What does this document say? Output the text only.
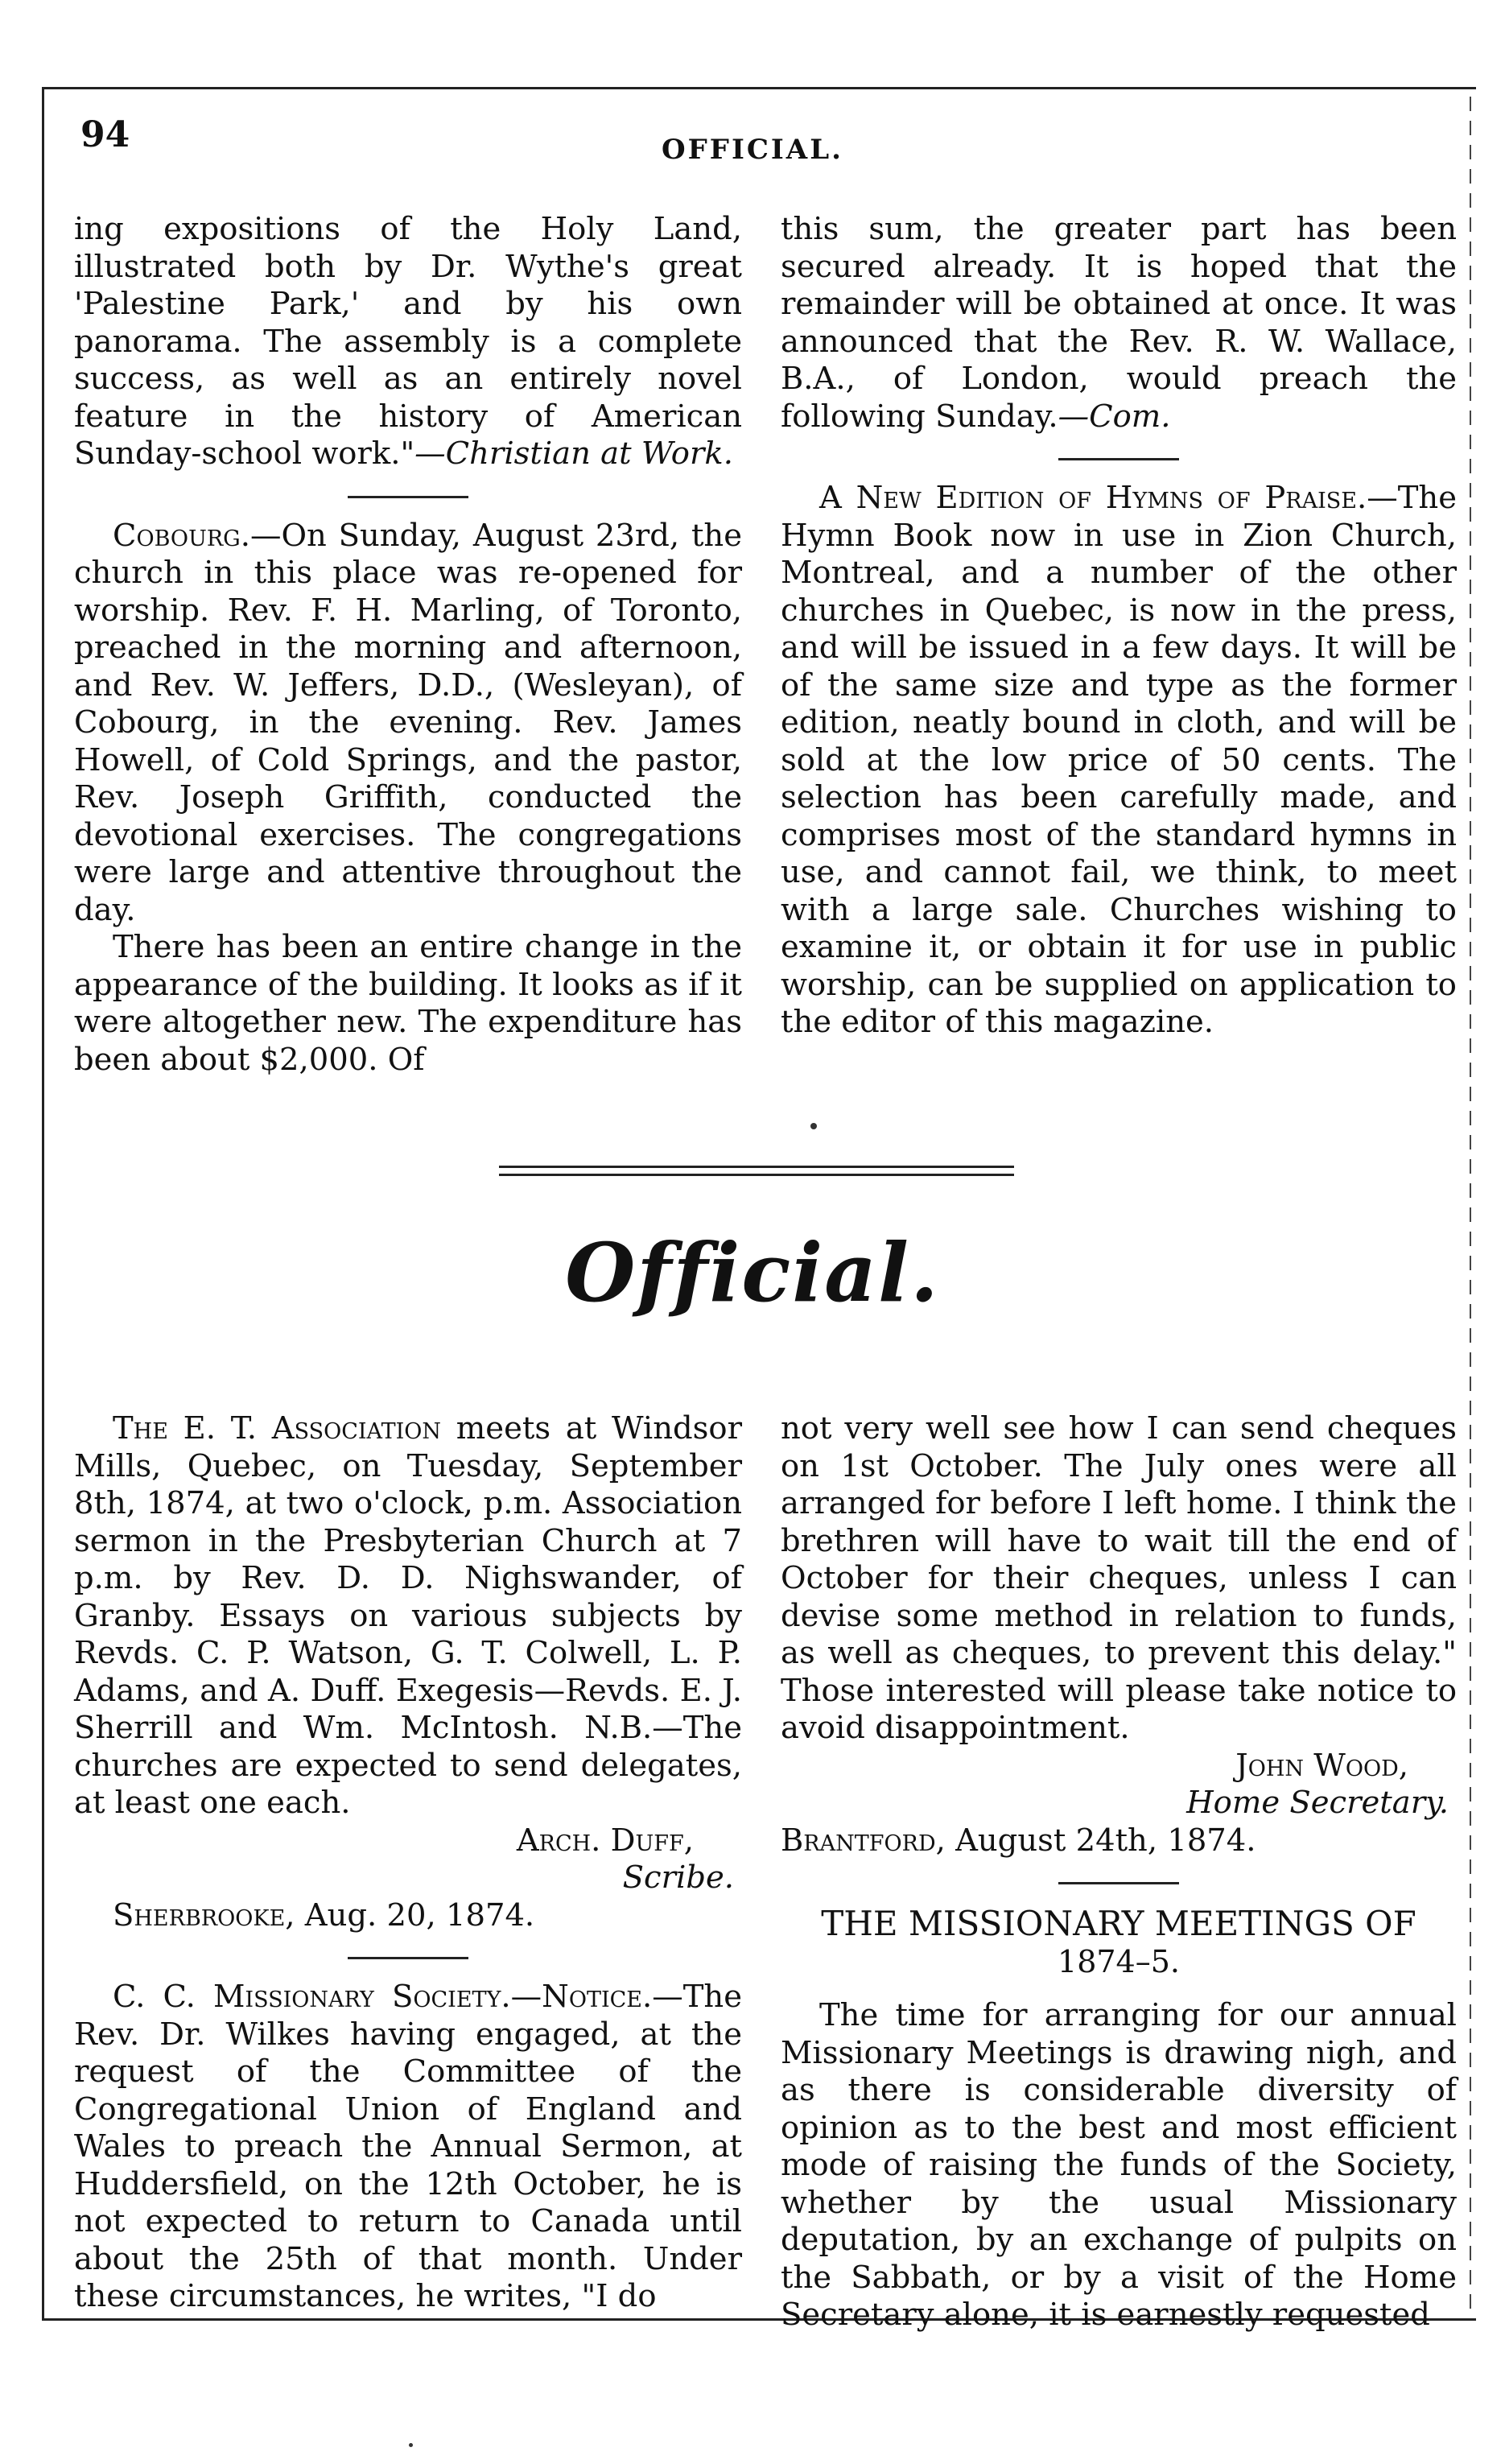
94	OFFICIAL.

ing expositions of the Holy Land, illustrated both by Dr. Wythe's great 'Palestine Park,' and by his own panorama. The assembly is a complete success, as well as an entirely novel feature in the history of American Sunday-school work."—Christian at Work.

Cobourg.—On Sunday, August 23rd, the church in this place was re-opened for worship. Rev. F. H. Marling, of Toronto, preached in the morning and afternoon, and Rev. W. Jeffers, D.D., (Wesleyan), of Cobourg, in the evening. Rev. James Howell, of Cold Springs, and the pastor, Rev. Joseph Griffith, conducted the devotional exercises. The congregations were large and attentive throughout the day.

There has been an entire change in the appearance of the building. It looks as if it were altogether new. The expenditure has been about $2,000. Of

this sum, the greater part has been secured already. It is hoped that the remainder will be obtained at once. It was announced that the Rev. R. W. Wallace, B.A., of London, would preach the following Sunday.—Com.

A New Edition of Hymns of Praise.—The Hymn Book now in use in Zion Church, Montreal, and a number of the other churches in Quebec, is now in the press, and will be issued in a few days. It will be of the same size and type as the former edition, neatly bound in cloth, and will be sold at the low price of 50 cents. The selection has been carefully made, and comprises most of the standard hymns in use, and cannot fail, we think, to meet with a large sale. Churches wishing to examine it, or obtain it for use in public worship, can be supplied on application to the editor of this magazine.

Official.

The E. T. Association meets at Windsor Mills, Quebec, on Tuesday, September 8th, 1874, at two o'clock, p.m. Association sermon in the Presbyterian Church at 7 p.m. by Rev. D. D. Nighswander, of Granby. Essays on various subjects by Revds. C. P. Watson, G. T. Colwell, L. P. Adams, and A. Duff. Exegesis—Revds. E. J. Sherrill and Wm. McIntosh. N.B.—The churches are expected to send delegates, at least one each.

Arch. Duff,

Scribe.

Sherbrooke, Aug. 20, 1874.

C. C. Missionary Society.—Notice.—The Rev. Dr. Wilkes having engaged, at the request of the Committee of the Congregational Union of England and Wales to preach the Annual Sermon, at Huddersfield, on the 12th October, he is not expected to return to Canada until about the 25th of that month. Under these circumstances, he writes, "I do

not very well see how I can send cheques on 1st October. The July ones were all arranged for before I left home. I think the brethren will have to wait till the end of October for their cheques, unless I can devise some method in relation to funds, as well as cheques, to prevent this delay." Those interested will please take notice to avoid disappointment.

John Wood,

Home Secretary.

Brantford, August 24th, 1874.

THE MISSIONARY MEETINGS OF

1874–5.

The time for arranging for our annual Missionary Meetings is drawing nigh, and as there is considerable diversity of opinion as to the best and most efficient mode of raising the funds of the Society, whether by the usual Missionary deputation, by an exchange of pulpits on the Sabbath, or by a visit of the Home Secretary alone, it is earnestly requested
